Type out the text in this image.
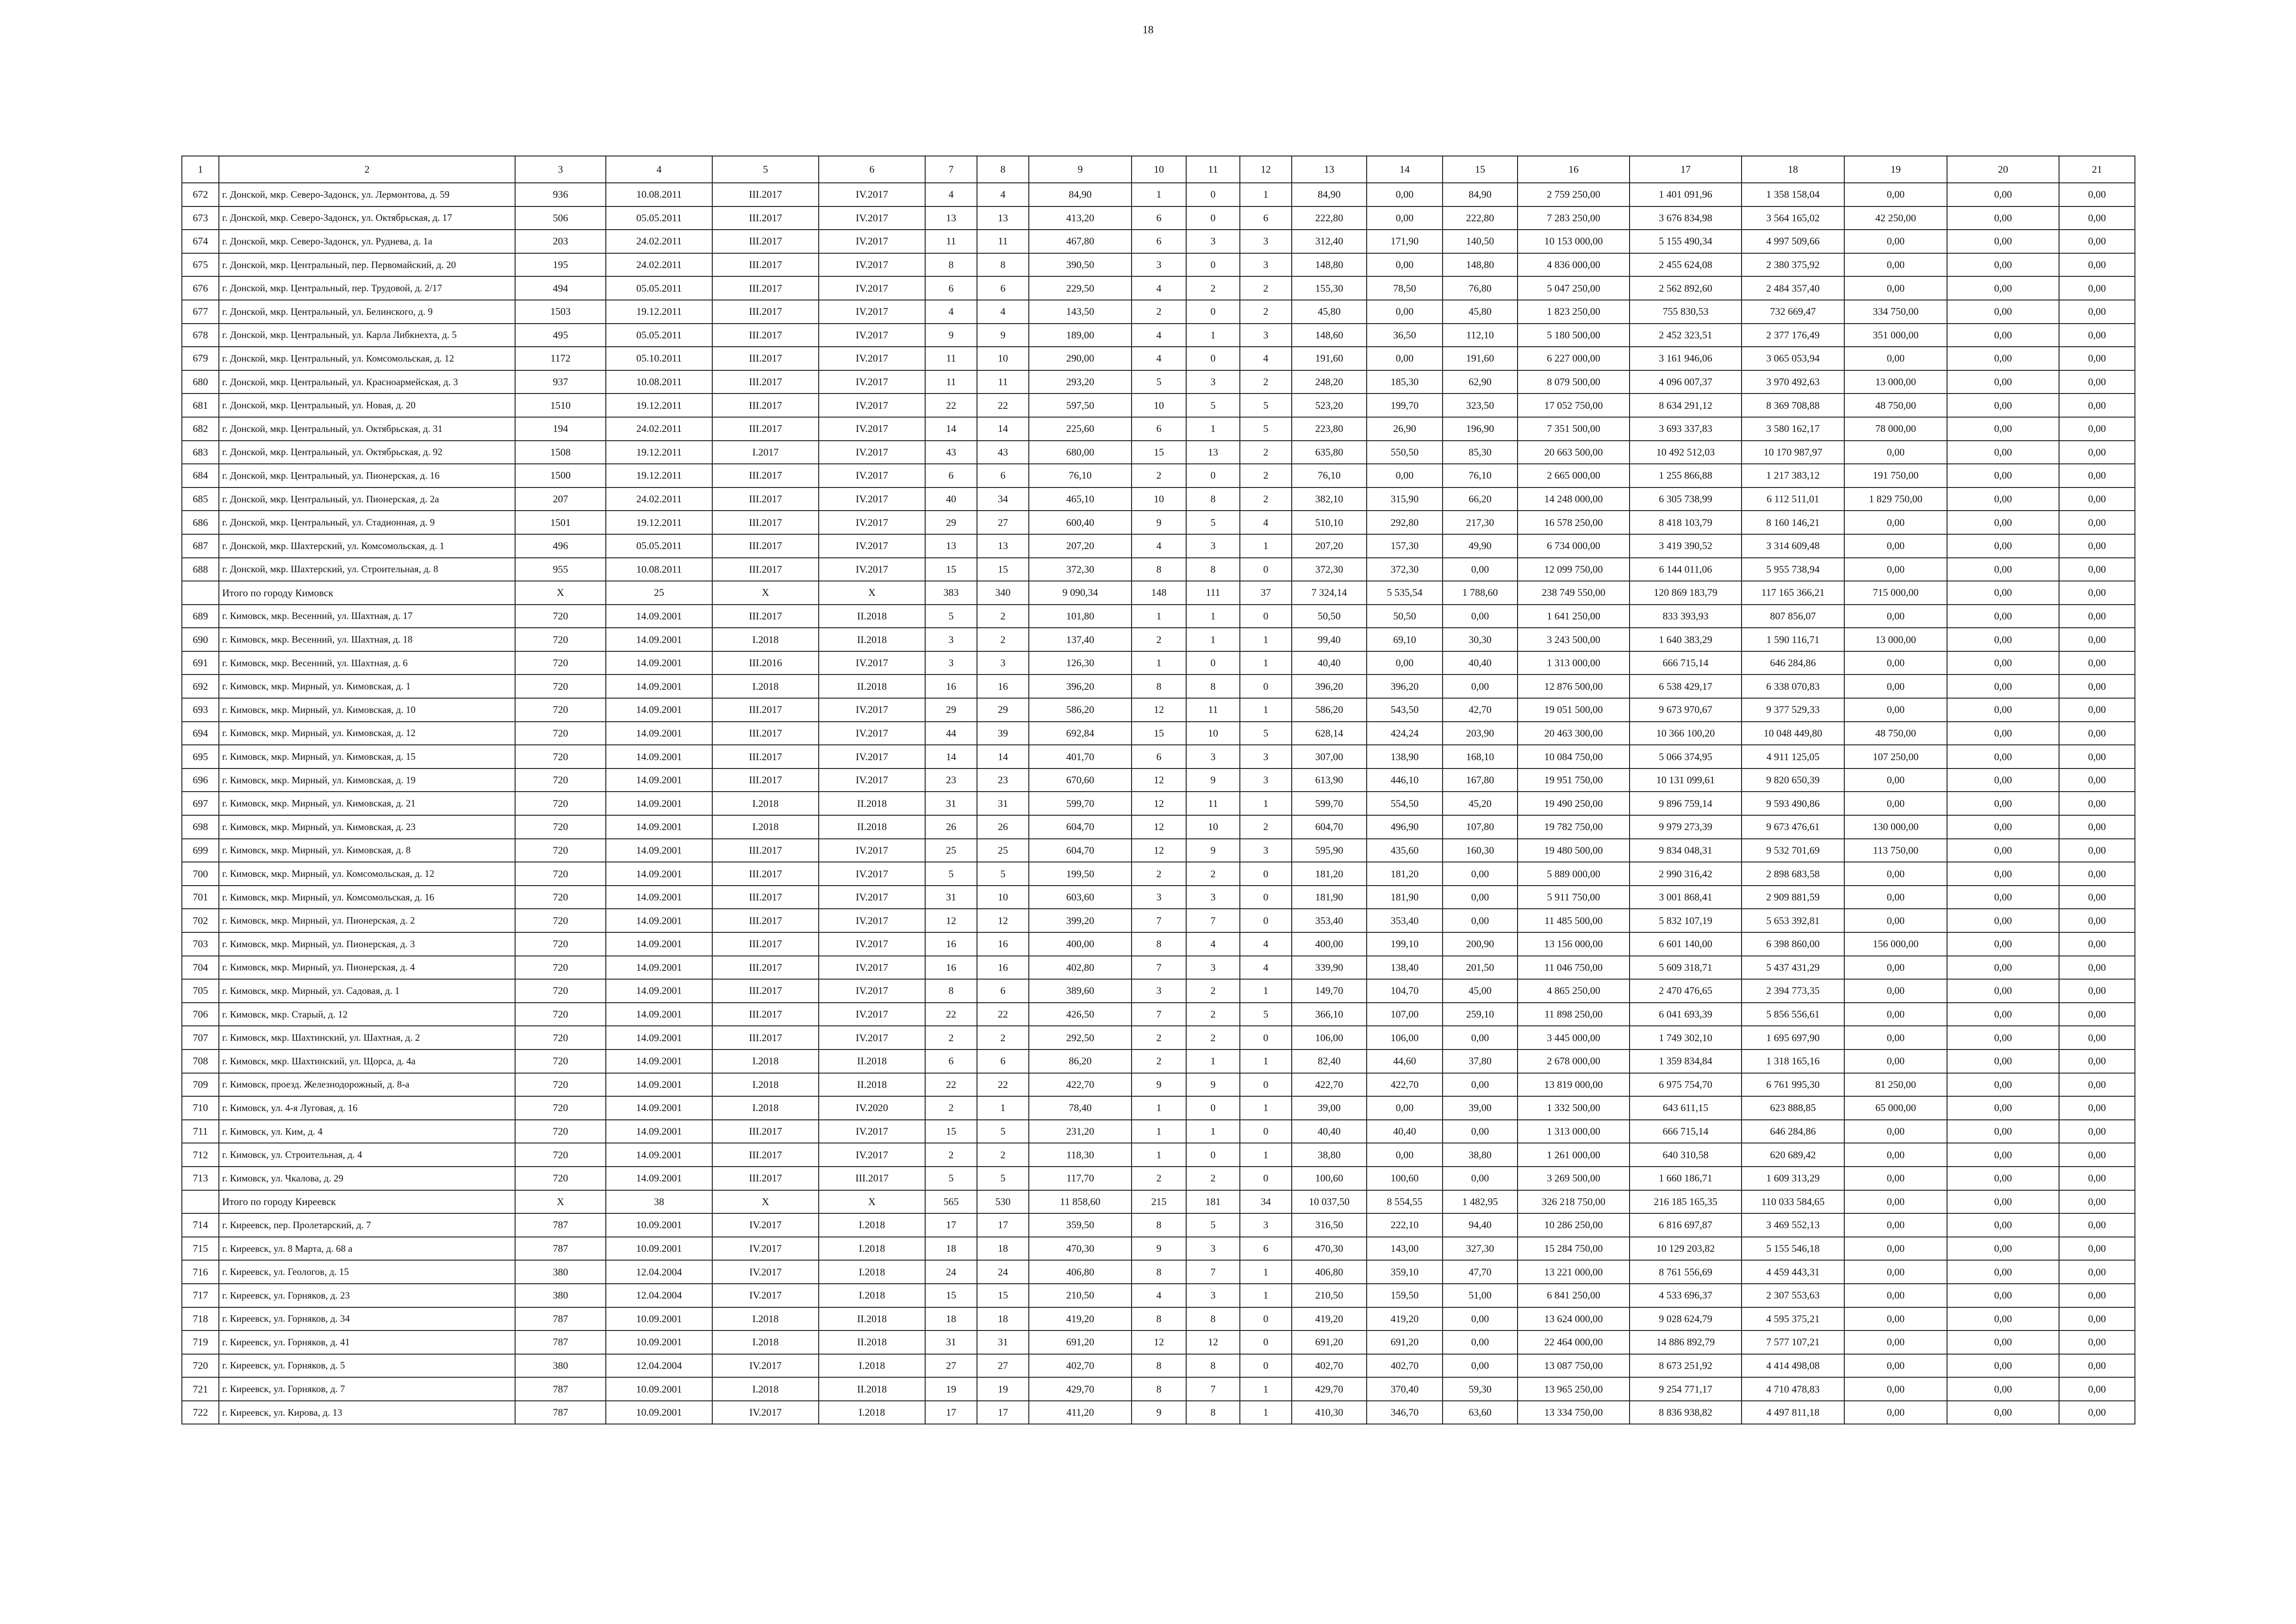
18
1	2	3	4	5	6	7	8	9	10	11	12	13	14	15	16	17	18	19	20	21
672	г. Донской, мкр. Северо-Задонск, ул. Лермонтова, д. 59	936	10.08.2011	III.2017	IV.2017	4	4	84,90	1	0	1	84,90	0,00	84,90	2 759 250,00	1 401 091,96	1 358 158,04	0,00	0,00	0,00
673	г. Донской, мкр. Северо-Задонск, ул. Октябрьская, д. 17	506	05.05.2011	III.2017	IV.2017	13	13	413,20	6	0	6	222,80	0,00	222,80	7 283 250,00	3 676 834,98	3 564 165,02	42 250,00	0,00	0,00
674	г. Донской, мкр. Северо-Задонск, ул. Руднева, д. 1а	203	24.02.2011	III.2017	IV.2017	11	11	467,80	6	3	3	312,40	171,90	140,50	10 153 000,00	5 155 490,34	4 997 509,66	0,00	0,00	0,00
675	г. Донской, мкр. Центральный, пер. Первомайский, д. 20	195	24.02.2011	III.2017	IV.2017	8	8	390,50	3	0	3	148,80	0,00	148,80	4 836 000,00	2 455 624,08	2 380 375,92	0,00	0,00	0,00
676	г. Донской, мкр. Центральный, пер. Трудовой, д. 2/17	494	05.05.2011	III.2017	IV.2017	6	6	229,50	4	2	2	155,30	78,50	76,80	5 047 250,00	2 562 892,60	2 484 357,40	0,00	0,00	0,00
677	г. Донской, мкр. Центральный, ул. Белинского, д. 9	1503	19.12.2011	III.2017	IV.2017	4	4	143,50	2	0	2	45,80	0,00	45,80	1 823 250,00	755 830,53	732 669,47	334 750,00	0,00	0,00
678	г. Донской, мкр. Центральный, ул. Карла Либкнехта, д. 5	495	05.05.2011	III.2017	IV.2017	9	9	189,00	4	1	3	148,60	36,50	112,10	5 180 500,00	2 452 323,51	2 377 176,49	351 000,00	0,00	0,00
679	г. Донской, мкр. Центральный, ул. Комсомольская, д. 12	1172	05.10.2011	III.2017	IV.2017	11	10	290,00	4	0	4	191,60	0,00	191,60	6 227 000,00	3 161 946,06	3 065 053,94	0,00	0,00	0,00
680	г. Донской, мкр. Центральный, ул. Красноармейская, д. 3	937	10.08.2011	III.2017	IV.2017	11	11	293,20	5	3	2	248,20	185,30	62,90	8 079 500,00	4 096 007,37	3 970 492,63	13 000,00	0,00	0,00
681	г. Донской, мкр. Центральный, ул. Новая, д. 20	1510	19.12.2011	III.2017	IV.2017	22	22	597,50	10	5	5	523,20	199,70	323,50	17 052 750,00	8 634 291,12	8 369 708,88	48 750,00	0,00	0,00
682	г. Донской, мкр. Центральный, ул. Октябрьская, д. 31	194	24.02.2011	III.2017	IV.2017	14	14	225,60	6	1	5	223,80	26,90	196,90	7 351 500,00	3 693 337,83	3 580 162,17	78 000,00	0,00	0,00
683	г. Донской, мкр. Центральный, ул. Октябрьская, д. 92	1508	19.12.2011	I.2017	IV.2017	43	43	680,00	15	13	2	635,80	550,50	85,30	20 663 500,00	10 492 512,03	10 170 987,97	0,00	0,00	0,00
684	г. Донской, мкр. Центральный, ул. Пионерская, д. 16	1500	19.12.2011	III.2017	IV.2017	6	6	76,10	2	0	2	76,10	0,00	76,10	2 665 000,00	1 255 866,88	1 217 383,12	191 750,00	0,00	0,00
685	г. Донской, мкр. Центральный, ул. Пионерская, д. 2а	207	24.02.2011	III.2017	IV.2017	40	34	465,10	10	8	2	382,10	315,90	66,20	14 248 000,00	6 305 738,99	6 112 511,01	1 829 750,00	0,00	0,00
686	г. Донской, мкр. Центральный, ул. Стадионная, д. 9	1501	19.12.2011	III.2017	IV.2017	29	27	600,40	9	5	4	510,10	292,80	217,30	16 578 250,00	8 418 103,79	8 160 146,21	0,00	0,00	0,00
687	г. Донской, мкр. Шахтерский, ул. Комсомольская, д. 1	496	05.05.2011	III.2017	IV.2017	13	13	207,20	4	3	1	207,20	157,30	49,90	6 734 000,00	3 419 390,52	3 314 609,48	0,00	0,00	0,00
688	г. Донской, мкр. Шахтерский, ул. Строительная, д. 8	955	10.08.2011	III.2017	IV.2017	15	15	372,30	8	8	0	372,30	372,30	0,00	12 099 750,00	6 144 011,06	5 955 738,94	0,00	0,00	0,00
	Итого по городу Кимовск	X	25	X	X	383	340	9 090,34	148	111	37	7 324,14	5 535,54	1 788,60	238 749 550,00	120 869 183,79	117 165 366,21	715 000,00	0,00	0,00
689	г. Кимовск, мкр. Весенний, ул. Шахтная, д. 17	720	14.09.2001	III.2017	II.2018	5	2	101,80	1	1	0	50,50	50,50	0,00	1 641 250,00	833 393,93	807 856,07	0,00	0,00	0,00
690	г. Кимовск, мкр. Весенний, ул. Шахтная, д. 18	720	14.09.2001	I.2018	II.2018	3	2	137,40	2	1	1	99,40	69,10	30,30	3 243 500,00	1 640 383,29	1 590 116,71	13 000,00	0,00	0,00
691	г. Кимовск, мкр. Весенний, ул. Шахтная, д. 6	720	14.09.2001	III.2016	IV.2017	3	3	126,30	1	0	1	40,40	0,00	40,40	1 313 000,00	666 715,14	646 284,86	0,00	0,00	0,00
692	г. Кимовск, мкр. Мирный, ул. Кимовская, д. 1	720	14.09.2001	I.2018	II.2018	16	16	396,20	8	8	0	396,20	396,20	0,00	12 876 500,00	6 538 429,17	6 338 070,83	0,00	0,00	0,00
693	г. Кимовск, мкр. Мирный, ул. Кимовская, д. 10	720	14.09.2001	III.2017	IV.2017	29	29	586,20	12	11	1	586,20	543,50	42,70	19 051 500,00	9 673 970,67	9 377 529,33	0,00	0,00	0,00
694	г. Кимовск, мкр. Мирный, ул. Кимовская, д. 12	720	14.09.2001	III.2017	IV.2017	44	39	692,84	15	10	5	628,14	424,24	203,90	20 463 300,00	10 366 100,20	10 048 449,80	48 750,00	0,00	0,00
695	г. Кимовск, мкр. Мирный, ул. Кимовская, д. 15	720	14.09.2001	III.2017	IV.2017	14	14	401,70	6	3	3	307,00	138,90	168,10	10 084 750,00	5 066 374,95	4 911 125,05	107 250,00	0,00	0,00
696	г. Кимовск, мкр. Мирный, ул. Кимовская, д. 19	720	14.09.2001	III.2017	IV.2017	23	23	670,60	12	9	3	613,90	446,10	167,80	19 951 750,00	10 131 099,61	9 820 650,39	0,00	0,00	0,00
697	г. Кимовск, мкр. Мирный, ул. Кимовская, д. 21	720	14.09.2001	I.2018	II.2018	31	31	599,70	12	11	1	599,70	554,50	45,20	19 490 250,00	9 896 759,14	9 593 490,86	0,00	0,00	0,00
698	г. Кимовск, мкр. Мирный, ул. Кимовская, д. 23	720	14.09.2001	I.2018	II.2018	26	26	604,70	12	10	2	604,70	496,90	107,80	19 782 750,00	9 979 273,39	9 673 476,61	130 000,00	0,00	0,00
699	г. Кимовск, мкр. Мирный, ул. Кимовская, д. 8	720	14.09.2001	III.2017	IV.2017	25	25	604,70	12	9	3	595,90	435,60	160,30	19 480 500,00	9 834 048,31	9 532 701,69	113 750,00	0,00	0,00
700	г. Кимовск, мкр. Мирный, ул. Комсомольская, д. 12	720	14.09.2001	III.2017	IV.2017	5	5	199,50	2	2	0	181,20	181,20	0,00	5 889 000,00	2 990 316,42	2 898 683,58	0,00	0,00	0,00
701	г. Кимовск, мкр. Мирный, ул. Комсомольская, д. 16	720	14.09.2001	III.2017	IV.2017	31	10	603,60	3	3	0	181,90	181,90	0,00	5 911 750,00	3 001 868,41	2 909 881,59	0,00	0,00	0,00
702	г. Кимовск, мкр. Мирный, ул. Пионерская, д. 2	720	14.09.2001	III.2017	IV.2017	12	12	399,20	7	7	0	353,40	353,40	0,00	11 485 500,00	5 832 107,19	5 653 392,81	0,00	0,00	0,00
703	г. Кимовск, мкр. Мирный, ул. Пионерская, д. 3	720	14.09.2001	III.2017	IV.2017	16	16	400,00	8	4	4	400,00	199,10	200,90	13 156 000,00	6 601 140,00	6 398 860,00	156 000,00	0,00	0,00
704	г. Кимовск, мкр. Мирный, ул. Пионерская, д. 4	720	14.09.2001	III.2017	IV.2017	16	16	402,80	7	3	4	339,90	138,40	201,50	11 046 750,00	5 609 318,71	5 437 431,29	0,00	0,00	0,00
705	г. Кимовск, мкр. Мирный, ул. Садовая, д. 1	720	14.09.2001	III.2017	IV.2017	8	6	389,60	3	2	1	149,70	104,70	45,00	4 865 250,00	2 470 476,65	2 394 773,35	0,00	0,00	0,00
706	г. Кимовск, мкр. Старый, д. 12	720	14.09.2001	III.2017	IV.2017	22	22	426,50	7	2	5	366,10	107,00	259,10	11 898 250,00	6 041 693,39	5 856 556,61	0,00	0,00	0,00
707	г. Кимовск, мкр. Шахтинский, ул. Шахтная, д. 2	720	14.09.2001	III.2017	IV.2017	2	2	292,50	2	2	0	106,00	106,00	0,00	3 445 000,00	1 749 302,10	1 695 697,90	0,00	0,00	0,00
708	г. Кимовск, мкр. Шахтинский, ул. Щорса, д. 4а	720	14.09.2001	I.2018	II.2018	6	6	86,20	2	1	1	82,40	44,60	37,80	2 678 000,00	1 359 834,84	1 318 165,16	0,00	0,00	0,00
709	г. Кимовск, проезд. Железнодорожный, д. 8-а	720	14.09.2001	I.2018	II.2018	22	22	422,70	9	9	0	422,70	422,70	0,00	13 819 000,00	6 975 754,70	6 761 995,30	81 250,00	0,00	0,00
710	г. Кимовск, ул. 4-я Луговая, д. 16	720	14.09.2001	I.2018	IV.2020	2	1	78,40	1	0	1	39,00	0,00	39,00	1 332 500,00	643 611,15	623 888,85	65 000,00	0,00	0,00
711	г. Кимовск, ул. Ким, д. 4	720	14.09.2001	III.2017	IV.2017	15	5	231,20	1	1	0	40,40	40,40	0,00	1 313 000,00	666 715,14	646 284,86	0,00	0,00	0,00
712	г. Кимовск, ул. Строительная, д. 4	720	14.09.2001	III.2017	IV.2017	2	2	118,30	1	0	1	38,80	0,00	38,80	1 261 000,00	640 310,58	620 689,42	0,00	0,00	0,00
713	г. Кимовск, ул. Чкалова, д. 29	720	14.09.2001	III.2017	III.2017	5	5	117,70	2	2	0	100,60	100,60	0,00	3 269 500,00	1 660 186,71	1 609 313,29	0,00	0,00	0,00
	Итого по городу Киреевск	X	38	X	X	565	530	11 858,60	215	181	34	10 037,50	8 554,55	1 482,95	326 218 750,00	216 185 165,35	110 033 584,65	0,00	0,00	0,00
714	г. Киреевск, пер. Пролетарский, д. 7	787	10.09.2001	IV.2017	I.2018	17	17	359,50	8	5	3	316,50	222,10	94,40	10 286 250,00	6 816 697,87	3 469 552,13	0,00	0,00	0,00
715	г. Киреевск, ул. 8 Марта, д. 68 а	787	10.09.2001	IV.2017	I.2018	18	18	470,30	9	3	6	470,30	143,00	327,30	15 284 750,00	10 129 203,82	5 155 546,18	0,00	0,00	0,00
716	г. Киреевск, ул. Геологов, д. 15	380	12.04.2004	IV.2017	I.2018	24	24	406,80	8	7	1	406,80	359,10	47,70	13 221 000,00	8 761 556,69	4 459 443,31	0,00	0,00	0,00
717	г. Киреевск, ул. Горняков, д. 23	380	12.04.2004	IV.2017	I.2018	15	15	210,50	4	3	1	210,50	159,50	51,00	6 841 250,00	4 533 696,37	2 307 553,63	0,00	0,00	0,00
718	г. Киреевск, ул. Горняков, д. 34	787	10.09.2001	I.2018	II.2018	18	18	419,20	8	8	0	419,20	419,20	0,00	13 624 000,00	9 028 624,79	4 595 375,21	0,00	0,00	0,00
719	г. Киреевск, ул. Горняков, д. 41	787	10.09.2001	I.2018	II.2018	31	31	691,20	12	12	0	691,20	691,20	0,00	22 464 000,00	14 886 892,79	7 577 107,21	0,00	0,00	0,00
720	г. Киреевск, ул. Горняков, д. 5	380	12.04.2004	IV.2017	I.2018	27	27	402,70	8	8	0	402,70	402,70	0,00	13 087 750,00	8 673 251,92	4 414 498,08	0,00	0,00	0,00
721	г. Киреевск, ул. Горняков, д. 7	787	10.09.2001	I.2018	II.2018	19	19	429,70	8	7	1	429,70	370,40	59,30	13 965 250,00	9 254 771,17	4 710 478,83	0,00	0,00	0,00
722	г. Киреевск, ул. Кирова, д. 13	787	10.09.2001	IV.2017	I.2018	17	17	411,20	9	8	1	410,30	346,70	63,60	13 334 750,00	8 836 938,82	4 497 811,18	0,00	0,00	0,00
